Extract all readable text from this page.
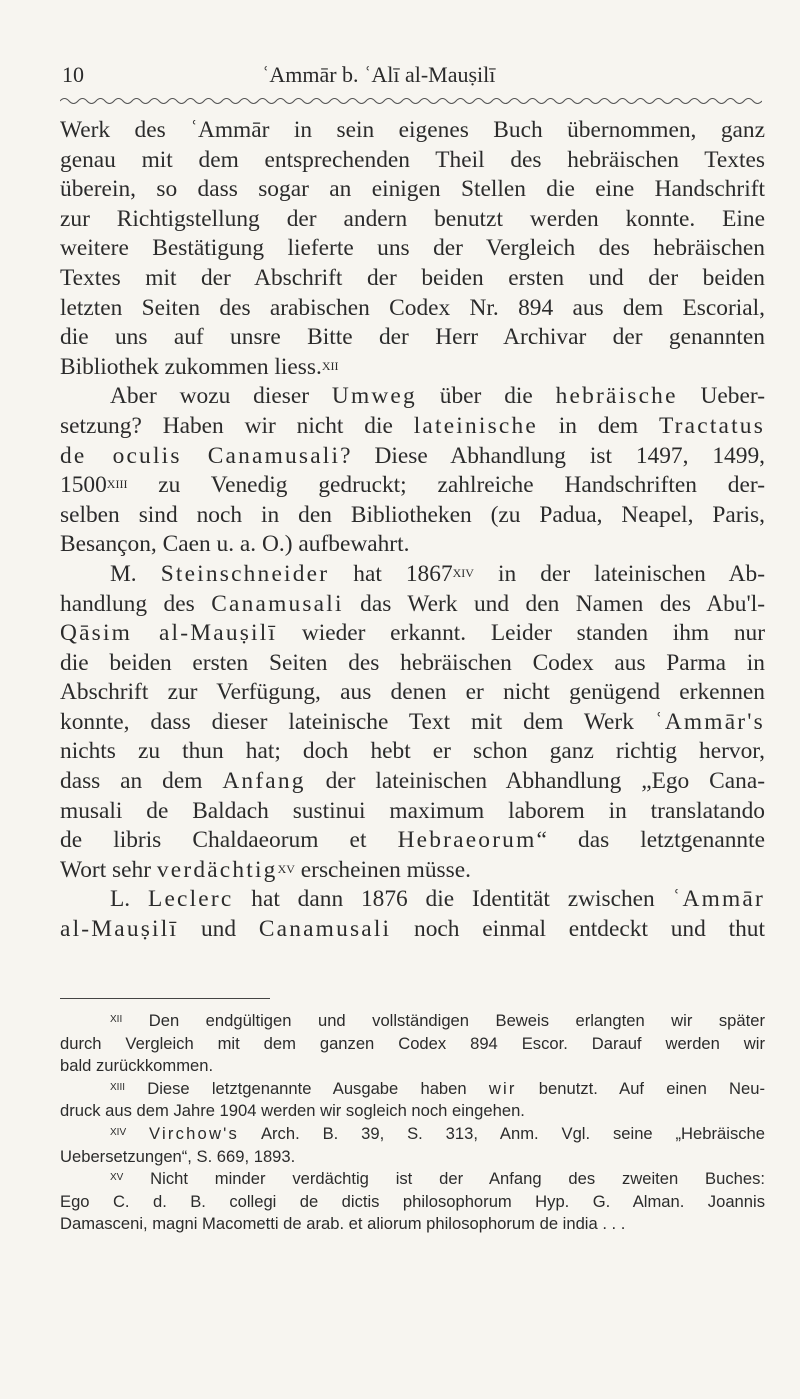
10	ʿAmmār b. ʿAlī al-Mauṣilī
Werk des ʿAmmār in sein eigenes Buch übernommen, ganz
genau mit dem entsprechenden Theil des hebräischen Textes
überein, so dass sogar an einigen Stellen die eine Handschrift
zur Richtigstellung der andern benutzt werden konnte. Eine
weitere Bestätigung lieferte uns der Vergleich des hebräischen
Textes mit der Abschrift der beiden ersten und der beiden
letzten Seiten des arabischen Codex Nr. 894 aus dem Escorial,
die uns auf unsre Bitte der Herr Archivar der genannten
Bibliothek zukommen liess.$^{XII}$
Aber wozu dieser Umweg über die hebräische Ueber-
setzung? Haben wir nicht die lateinische in dem Tractatus
de oculis Canamusali? Diese Abhandlung ist 1497, 1499,
$1500^{XIII}$ zu Venedig gedruckt; zahlreiche Handschriften der-
selben sind noch in den Bibliotheken (zu Padua, Neapel, Paris,
Besançon, Caen u. a. O.) aufbewahrt.
M. Steinschneider hat $1867^{XIV}$ in der lateinischen Ab-
handlung des Canamusali das Werk und den Namen des Abu'l-
Qāsim al-Mauṣilī wieder erkannt. Leider standen ihm nur
die beiden ersten Seiten des hebräischen Codex aus Parma in
Abschrift zur Verfügung, aus denen er nicht genügend erkennen
konnte, dass dieser lateinische Text mit dem Werk ʿAmmār's
nichts zu thun hat; doch hebt er schon ganz richtig hervor,
dass an dem Anfang der lateinischen Abhandlung „Ego Cana-
musali de Baldach sustinui maximum laborem in translatando
de libris Chaldaeorum et Hebraeorum“ das letztgenannte
Wort sehr verdächtig$^{XV}$ erscheinen müsse.
L. Leclerc hat dann 1876 die Identität zwischen ʿAmmār
al-Mauṣilī und Canamusali noch einmal entdeckt und thut
$^{XII}$ Den endgültigen und vollständigen Beweis erlangten wir später
durch Vergleich mit dem ganzen Codex 894 Escor. Darauf werden wir
bald zurückkommen.
$^{XIII}$ Diese letztgenannte Ausgabe haben wir benutzt. Auf einen Neu-
druck aus dem Jahre 1904 werden wir sogleich noch eingehen.
$^{XIV}$ Virchow's Arch. B. 39, S. 313, Anm. Vgl. seine „Hebräische
Uebersetzungen“, S. 669, 1893.
$^{XV}$ Nicht minder verdächtig ist der Anfang des zweiten Buches:
Ego C. d. B. collegi de dictis philosophorum Hyp. G. Alman. Joannis
Damasceni, magni Macometti de arab. et aliorum philosophorum de india . . .
